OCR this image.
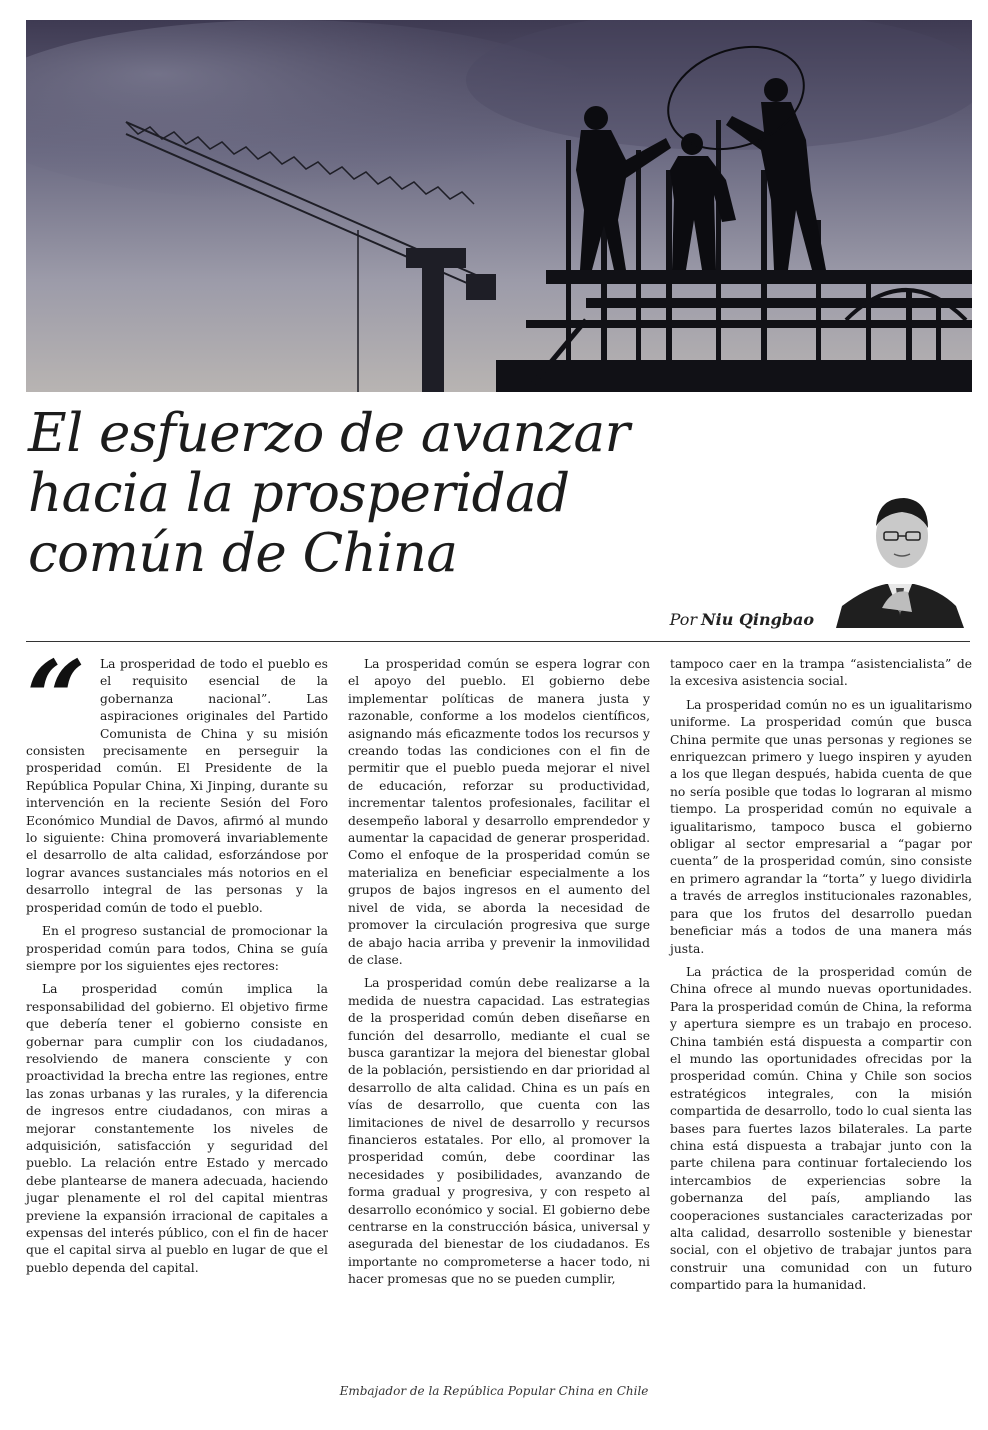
El esfuerzo de avanzar hacia la prosperidad común de China
Por Niu Qingbao
“	La prosperidad de todo el pueblo es el requisito esencial de la gobernanza nacional”. Las aspiraciones originales del Partido Comunista de China y su misión consisten precisamente en perseguir la prosperidad común. El Presidente de la República Popular China, Xi Jinping, durante su intervención en la reciente Sesión del Foro Económico Mundial de Davos, afirmó al mundo lo siguiente: China promoverá invariablemente el desarrollo de alta calidad, esforzándose por lograr avances sustanciales más notorios en el desarrollo integral de las personas y la prosperidad común de todo el pueblo.

En el progreso sustancial de promocionar la prosperidad común para todos, China se guía siempre por los siguientes ejes rectores:

La prosperidad común implica la responsabilidad del gobierno. El objetivo firme que debería tener el gobierno consiste en gobernar para cumplir con los ciudadanos, resolviendo de manera consciente y con proactividad la brecha entre las regiones, entre las zonas urbanas y las rurales, y la diferencia de ingresos entre ciudadanos, con miras a mejorar constantemente los niveles de adquisición, satisfacción y seguridad del pueblo. La relación entre Estado y mercado debe plantearse de manera adecuada, haciendo jugar plenamente el rol del capital mientras previene la expansión irracional de capitales a expensas del interés público, con el fin de hacer que el capital sirva al pueblo en lugar de que el pueblo dependa del capital.

La prosperidad común se espera lograr con el apoyo del pueblo. El gobierno debe implementar políticas de manera justa y razonable, conforme a los modelos científicos, asignando más eficazmente todos los recursos y creando todas las condiciones con el fin de permitir que el pueblo pueda mejorar el nivel de educación, reforzar su productividad, incrementar talentos profesionales, facilitar el desempeño laboral y desarrollo emprendedor y aumentar la capacidad de generar prosperidad. Como el enfoque de la prosperidad común se materializa en beneficiar especialmente a los grupos de bajos ingresos en el aumento del nivel de vida, se aborda la necesidad de promover la circulación progresiva que surge de abajo hacia arriba y prevenir la inmovilidad de clase.

La prosperidad común debe realizarse a la medida de nuestra capacidad. Las estrategias de la prosperidad común deben diseñarse en función del desarrollo, mediante el cual se busca garantizar la mejora del bienestar global de la población, persistiendo en dar prioridad al desarrollo de alta calidad. China es un país en vías de desarrollo, que cuenta con las limitaciones de nivel de desarrollo y recursos financieros estatales. Por ello, al promover la prosperidad común, debe coordinar las necesidades y posibilidades, avanzando de forma gradual y progresiva, y con respeto al desarrollo económico y social. El gobierno debe centrarse en la construcción básica, universal y asegurada del bienestar de los ciudadanos. Es importante no comprometerse a hacer todo, ni hacer promesas que no se pueden cumplir,

tampoco caer en la trampa “asistencialista” de la excesiva asistencia social.

La prosperidad común no es un igualitarismo uniforme. La prosperidad común que busca China permite que unas personas y regiones se enriquezcan primero y luego inspiren y ayuden a los que llegan después, habida cuenta de que no sería posible que todas lo lograran al mismo tiempo. La prosperidad común no equivale a igualitarismo, tampoco busca el gobierno obligar al sector empresarial a “pagar por cuenta” de la prosperidad común, sino consiste en primero agrandar la “torta” y luego dividirla a través de arreglos institucionales razonables, para que los frutos del desarrollo puedan beneficiar más a todos de una manera más justa.

La práctica de la prosperidad común de China ofrece al mundo nuevas oportunidades. Para la prosperidad común de China, la reforma y apertura siempre es un trabajo en proceso. China también está dispuesta a compartir con el mundo las oportunidades ofrecidas por la prosperidad común. China y Chile son socios estratégicos integrales, con la misión compartida de desarrollo, todo lo cual sienta las bases para fuertes lazos bilaterales. La parte china está dispuesta a trabajar junto con la parte chilena para continuar fortaleciendo los intercambios de experiencias sobre la gobernanza del país, ampliando las cooperaciones sustanciales caracterizadas por alta calidad, desarrollo sostenible y bienestar social, con el objetivo de trabajar juntos para construir una comunidad con un futuro compartido para la humanidad.

Embajador de la República Popular China en Chile
